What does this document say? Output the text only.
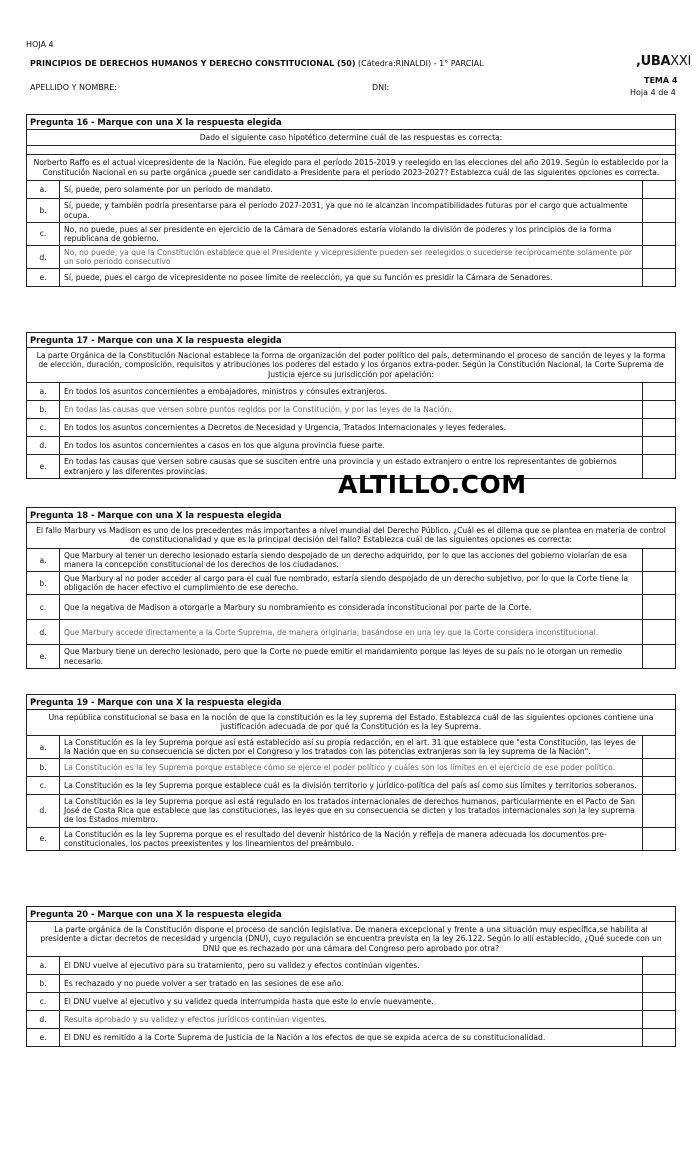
HOJA 4
PRINCIPIOS DE DERECHOS HUMANOS Y DERECHO CONSTITUCIONAL (50) (Cátedra:RINALDI) - 1° PARCIAL
APELLIDO Y NOMBRE:	DNI:
,UBAXXI
TEMA 4
Hoja 4 de 4
Pregunta 16 - Marque con una X la respuesta elegida
Dado el siguiente caso hipotético determine cuál de las respuestas es correcta:
Norberto Raffo es el actual vicepresidente de la Nación. Fue elegido para el período 2015-2019 y reelegido en las elecciones del año 2019. Según lo establecido por la Constitución Nacional en su parte orgánica ¿puede ser candidato a Presidente para el período 2023-2027? Establezca cuál de las siguientes opciones es correcta.
a.	Sí, puede, pero solamente por un período de mandato.
b.
Sí, puede, y también podría presentarse para el período 2027-2031, ya que no le alcanzan incompatibilidades futuras por el cargo que actualmente ocupa.
c.
No, no puede, pues al ser presidente en ejercicio de la Cámara de Senadores estaría violando la división de poderes y los principios de la forma republicana de gobierno.
d.
No, no puede, ya que la Constitución establece que el Presidente y vicepresidente pueden ser reelegidos o sucederse recíprocamente solamente por un solo período consecutivo
e.	Sí, puede, pues el cargo de vicepresidente no posee límite de reelección, ya que su función es presidir la Cámara de Senadores.
Pregunta 17 - Marque con una X la respuesta elegida
La parte Orgánica de la Constitución Nacional establece la forma de organización del poder político del país, determinando el proceso de sanción de leyes y la forma de elección, duración, composición, requisitos y atribuciones los poderes del estado y los órganos extra-poder. Según la Constitución Nacional, la Corte Suprema de Justicia ejerce su jurisdicción por apelación:
a.	En todos los asuntos concernientes a embajadores, ministros y cónsules extranjeros.
b.	En todas las causas que versen sobre puntos regidos por la Constitución, y por las leyes de la Nación.
c.	En todos los asuntos concernientes a Decretos de Necesidad y Urgencia, Tratados Internacionales y leyes federales.
d.	En todos los asuntos concernientes a casos en los que alguna provincia fuese parte.
e.
En todas las causas que versen sobre causas que se susciten entre una provincia y un estado extranjero o entre los representantes de gobiernos extranjero y las diferentes provincias.	ALTILLO.COM
Pregunta 18 - Marque con una X la respuesta elegida
El fallo Marbury vs Madison es uno de los precedentes más importantes a nivel mundial del Derecho Público. ¿Cuál es el dilema que se plantea en materia de control de constitucionalidad y que es la principal decisión del fallo? Establezca cuál de las siguientes opciones es correcta:
a.
Que Marbury al tener un derecho lesionado estaría siendo despojado de un derecho adquirido, por lo que las acciones del gobierno violarían de esa manera la concepción constitucional de los derechos de los ciudadanos.
b.
Que Marbury al no poder acceder al cargo para el cual fue nombrado, estaría siendo despojado de un derecho subjetivo, por lo que la Corte tiene la obligación de hacer efectivo el cumplimiento de ese derecho.
c.	Que la negativa de Madison a otorgarle a Marbury su nombramiento es considerada inconstitucional por parte de la Corte.
d.	Que Marbury accede directamente a la Corte Suprema, de manera originaria, basándose en una ley que la Corte considera inconstitucional.
e.
Que Marbury tiene un derecho lesionado, pero que la Corte no puede emitir el mandamiento porque las leyes de su país no le otorgan un remedio necesario.
Pregunta 19 - Marque con una X la respuesta elegida
Una república constitucional se basa en la noción de que la constitución es la ley suprema del Estado. Establezca cuál de las siguientes opciones contiene una justificación adecuada de por qué la Constitución es la ley Suprema.
a.
La Constitución es la ley Suprema porque así está establecido así su propia redacción, en el art. 31 que establece que "esta Constitución, las leyes de la Nación que en su consecuencia se dicten por el Congreso y los tratados con las potencias extranjeras son la ley suprema de la Nación".
b.	La Constitución es la ley Suprema porque establece cómo se ejerce el poder político y cuáles son los límites en el ejercicio de ese poder político.
c.	La Constitución es la ley Suprema porque establece cuál es la división territorio y jurídico-política del país así como sus límites y territorios soberanos.
d.
La Constitución es la ley Suprema porque así está regulado en los tratados internacionales de derechos humanos, particularmente en el Pacto de San José de Costa Rica que establece que las constituciones, las leyes que en su consecuencia se dicten y los tratados internacionales son la ley suprema de los Estados miembro.
e.
La Constitución es la ley Suprema porque es el resultado del devenir histórico de la Nación y refleja de manera adecuada los documentos pre-constitucionales, los pactos preexistentes y los lineamientos del preámbulo.
Pregunta 20 - Marque con una X la respuesta elegida
La parte orgánica de la Constitución dispone el proceso de sanción legislativa. De manera excepcional y frente a una situación muy específica,se habilita al presidente a dictar decretos de necesidad y urgencia (DNU), cuyo regulación se encuentra prevista en la ley 26.122. Según lo allí establecido, ¿Qué sucede con un DNU que es rechazado por una cámara del Congreso pero aprobado por otra?
a.	El DNU vuelve al ejecutivo para su tratamiento, pero su validez y efectos continúan vigentes.
b.	Es rechazado y no puede volver a ser tratado en las sesiones de ese año.
c.	El DNU vuelve al ejecutivo y su validez queda interrumpida hasta que este lo envíe nuevamente.
d.	Resulta aprobado y su validez y efectos jurídicos continúan vigentes.
e.	El DNU es remitido a la Corte Suprema de Justicia de la Nación a los efectos de que se expida acerca de su constitucionalidad.
